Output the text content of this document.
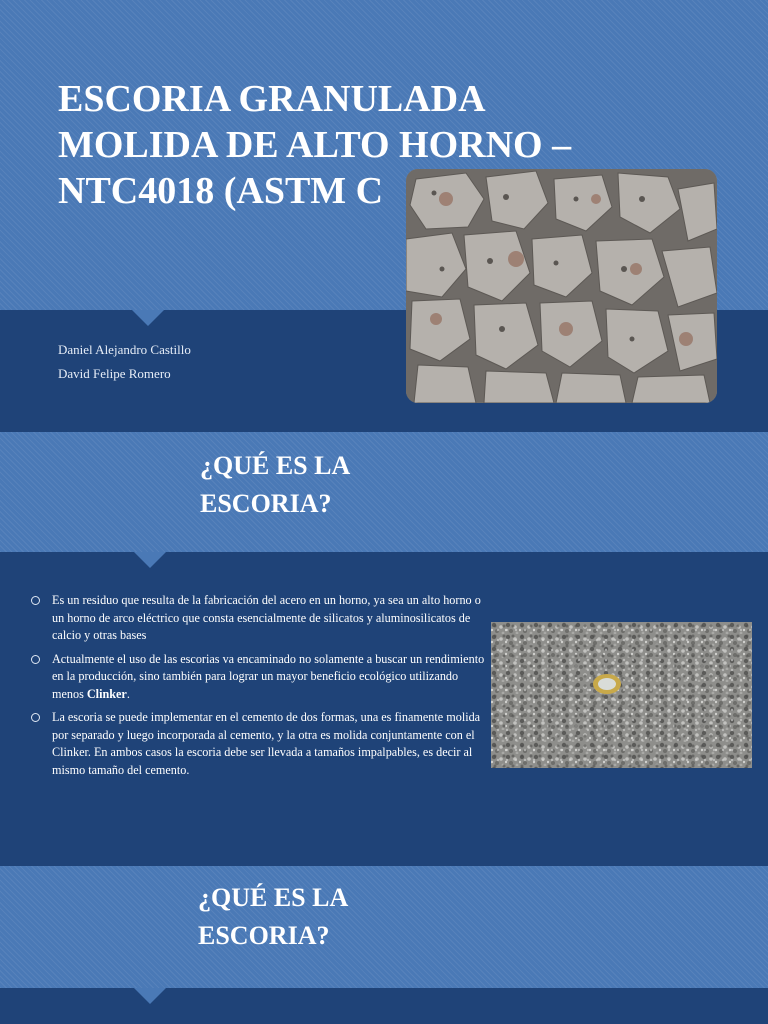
ESCORIA GRANULADA
MOLIDA DE ALTO HORNO –
NTC4018 (ASTM C
Daniel Alejandro Castillo
David Felipe Romero
¿QUÉ ES LA
ESCORIA?
Es un residuo que resulta de la fabricación del acero en un horno, ya sea un alto horno o un horno de arco eléctrico que consta esencialmente de silicatos y aluminosilicatos de calcio y otras bases
Actualmente el uso de las escorias va encaminado no solamente a buscar un rendimiento en la producción, sino también para lograr un mayor beneficio ecológico utilizando menos Clinker.
La escoria se puede implementar en el cemento de dos formas, una es finamente molida por separado y luego incorporada al cemento, y la otra es molida conjuntamente con el Clinker. En ambos casos la escoria debe ser llevada a tamaños impalpables, es decir al mismo tamaño del cemento.
¿QUÉ ES LA
ESCORIA?
